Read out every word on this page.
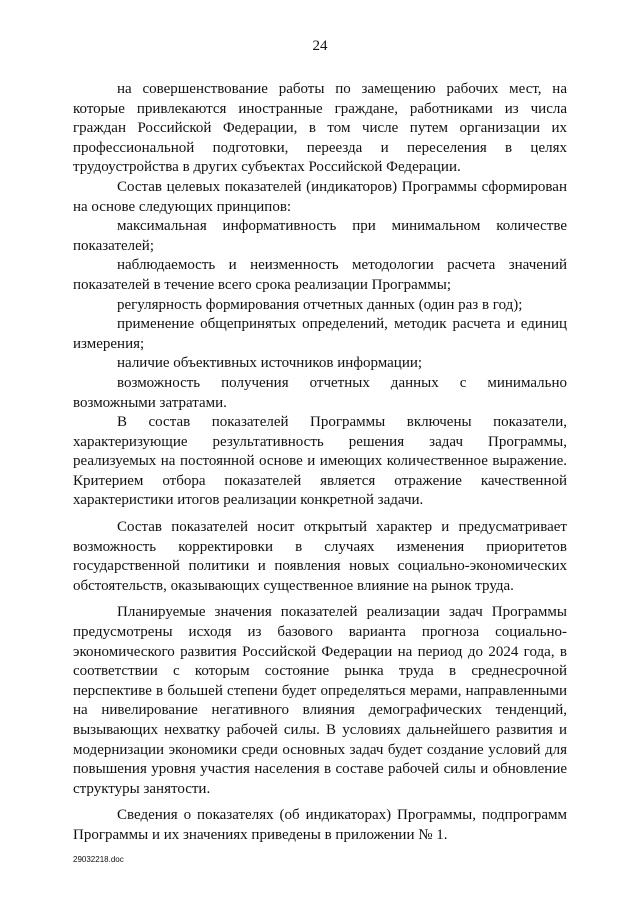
24

на совершенствование работы по замещению рабочих мест, на которые привлекаются иностранные граждане, работниками из числа граждан Российской Федерации, в том числе путем организации их профессиональной подготовки, переезда и переселения в целях трудоустройства в других субъектах Российской Федерации.

Состав целевых показателей (индикаторов) Программы сформирован на основе следующих принципов:

максимальная информативность при минимальном количестве показателей;

наблюдаемость и неизменность методологии расчета значений показателей в течение всего срока реализации Программы;

регулярность формирования отчетных данных (один раз в год);

применение общепринятых определений, методик расчета и единиц измерения;

наличие объективных источников информации;

возможность получения отчетных данных с минимально возможными затратами.

В состав показателей Программы включены показатели, характеризующие результативность решения задач Программы, реализуемых на постоянной основе и имеющих количественное выражение. Критерием отбора показателей является отражение качественной характеристики итогов реализации конкретной задачи.

Состав показателей носит открытый характер и предусматривает возможность корректировки в случаях изменения приоритетов государственной политики и появления новых социально-экономических обстоятельств, оказывающих существенное влияние на рынок труда.

Планируемые значения показателей реализации задач Программы предусмотрены исходя из базового варианта прогноза социально-экономического развития Российской Федерации на период до 2024 года, в соответствии с которым состояние рынка труда в среднесрочной перспективе в большей степени будет определяться мерами, направленными на нивелирование негативного влияния демографических тенденций, вызывающих нехватку рабочей силы. В условиях дальнейшего развития и модернизации экономики среди основных задач будет создание условий для повышения уровня участия населения в составе рабочей силы и обновление структуры занятости.

Сведения о показателях (об индикаторах) Программы, подпрограмм Программы и их значениях приведены в приложении № 1.

29032218.doc
